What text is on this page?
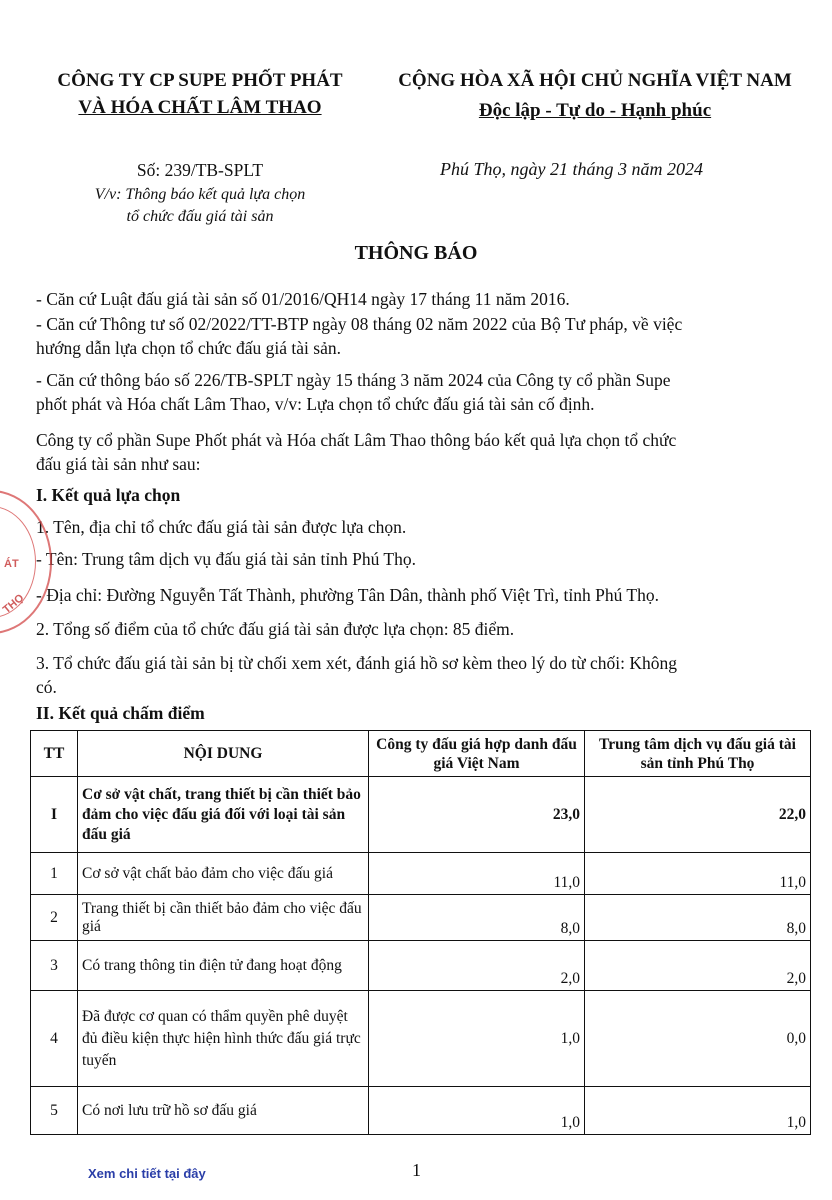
CÔNG TY CP SUPE PHỐT PHÁT
VÀ HÓA CHẤT LÂM THAO
CỘNG HÒA XÃ HỘI CHỦ NGHĨA VIỆT NAM
Độc lập - Tự do - Hạnh phúc
Số: 239/TB-SPLT
V/v: Thông báo kết quả lựa chọn
tổ chức đấu giá tài sản
Phú Thọ, ngày 21 tháng 3 năm 2024
THÔNG BÁO
- Căn cứ Luật đấu giá tài sản số 01/2016/QH14 ngày 17 tháng 11 năm 2016.
- Căn cứ Thông tư số 02/2022/TT-BTP ngày 08 tháng 02 năm 2022 của Bộ Tư pháp, về việc
hướng dẫn lựa chọn tổ chức đấu giá tài sản.
- Căn cứ thông báo số 226/TB-SPLT ngày 15 tháng 3 năm 2024 của Công ty cổ phần Supe
phốt phát và Hóa chất Lâm Thao, v/v: Lựa chọn tổ chức đấu giá tài sản cố định.
Công ty cổ phần Supe Phốt phát và Hóa chất Lâm Thao thông báo kết quả lựa chọn tổ chức
đấu giá tài sản như sau:
I. Kết quả lựa chọn
1. Tên, địa chỉ tổ chức đấu giá tài sản được lựa chọn.
- Tên: Trung tâm dịch vụ đấu giá tài sản tỉnh Phú Thọ.
- Địa chỉ: Đường Nguyễn Tất Thành, phường Tân Dân, thành phố Việt Trì, tỉnh Phú Thọ.
2. Tổng số điểm của tổ chức đấu giá tài sản được lựa chọn: 85 điểm.
3. Tổ chức đấu giá tài sản bị từ chối xem xét, đánh giá hồ sơ kèm theo lý do từ chối: Không
có.
II. Kết quả chấm điểm
ÁT
THỌ
TT	NỘI DUNG	Công ty đấu giá hợp danh đấu giá Việt Nam	Trung tâm dịch vụ đấu giá tài sản tỉnh Phú Thọ
I	Cơ sở vật chất, trang thiết bị cần thiết bảo đảm cho việc đấu giá đối với loại tài sản đấu giá	23,0	22,0
1	Cơ sở vật chất bảo đảm cho việc đấu giá	11,0	11,0
2	Trang thiết bị cần thiết bảo đảm cho việc đấu giá	8,0	8,0
3	Có trang thông tin điện tử đang hoạt động	2,0	2,0
4	Đã được cơ quan có thẩm quyền phê duyệt đủ điều kiện thực hiện hình thức đấu giá trực tuyến	1,0	0,0
5	Có nơi lưu trữ hồ sơ đấu giá	1,0	1,0
Xem chi tiết tại đây	1
